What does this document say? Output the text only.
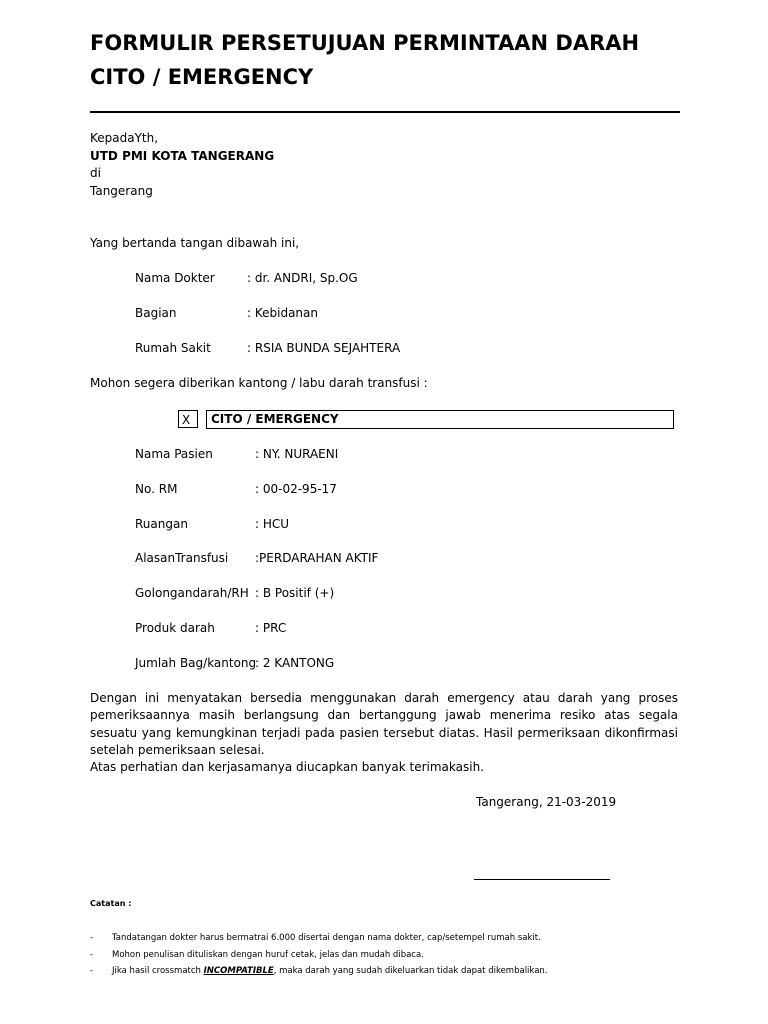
FORMULIR PERSETUJUAN PERMINTAAN DARAH
CITO / EMERGENCY
KepadaYth,
UTD PMI KOTA TANGERANG
di
Tangerang
Yang bertanda tangan dibawah ini,
Nama Dokter	: dr. ANDRI, Sp.OG
Bagian	: Kebidanan
Rumah Sakit	: RSIA BUNDA SEJAHTERA
Mohon segera diberikan kantong / labu darah transfusi :
X	CITO / EMERGENCY
Nama Pasien	: NY. NURAENI
No. RM	: 00-02-95-17
Ruangan	: HCU
AlasanTransfusi :PERDARAHAN AKTIF
Golongandarah/RH : B Positif (+)
Produk darah	: PRC
Jumlah Bag/kantong
: 2 KANTONG

Dengan ini menyatakan bersedia menggunakan darah emergency atau darah yang proses pemeriksaannya masih berlangsung dan bertanggung jawab menerima resiko atas segala sesuatu yang kemungkinan terjadi pada pasien tersebut diatas. Hasil permeriksaan dikonfirmasi setelah pemeriksaan selesai.

Atas perhatian dan kerjasamanya diucapkan banyak terimakasih.

Tangerang, 21-03-2019
Catatan :
- Tandatangan dokter harus bermatrai 6.000 disertai dengan nama dokter, cap/setempel rumah sakit.
- Mohon penulisan dituliskan dengan huruf cetak, jelas dan mudah dibaca.
- Jika hasil crossmatch INCOMPATIBLE, maka darah yang sudah dikeluarkan tidak dapat dikembalikan.
